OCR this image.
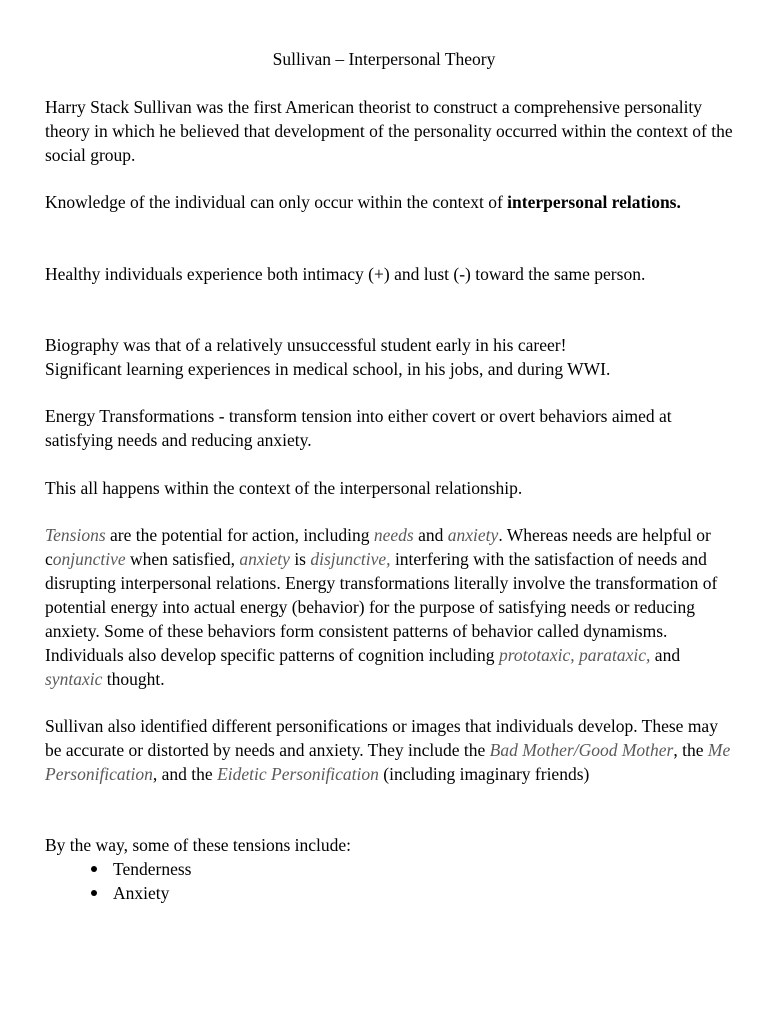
Sullivan – Interpersonal Theory

Harry Stack Sullivan was the first American theorist to construct a comprehensive personality theory in which he believed that development of the personality occurred within the context of the social group.

Knowledge of the individual can only occur within the context of interpersonal relations.

Healthy individuals experience both intimacy (+) and lust (-) toward the same person.

Biography was that of a relatively unsuccessful student early in his career!
Significant learning experiences in medical school, in his jobs, and during WWI.

Energy Transformations - transform tension into either covert or overt behaviors aimed at satisfying needs and reducing anxiety.

This all happens within the context of the interpersonal relationship.

Tensions are the potential for action, including needs and anxiety. Whereas needs are helpful or conjunctive when satisfied, anxiety is disjunctive, interfering with the satisfaction of needs and disrupting interpersonal relations. Energy transformations literally involve the transformation of potential energy into actual energy (behavior) for the purpose of satisfying needs or reducing anxiety. Some of these behaviors form consistent patterns of behavior called dynamisms. Individuals also develop specific patterns of cognition including prototaxic, parataxic, and syntaxic thought.

Sullivan also identified different personifications or images that individuals develop. These may be accurate or distorted by needs and anxiety. They include the Bad Mother/Good Mother, the Me Personification, and the Eidetic Personification (including imaginary friends)

By the way, some of these tensions include:

Tenderness
Anxiety
